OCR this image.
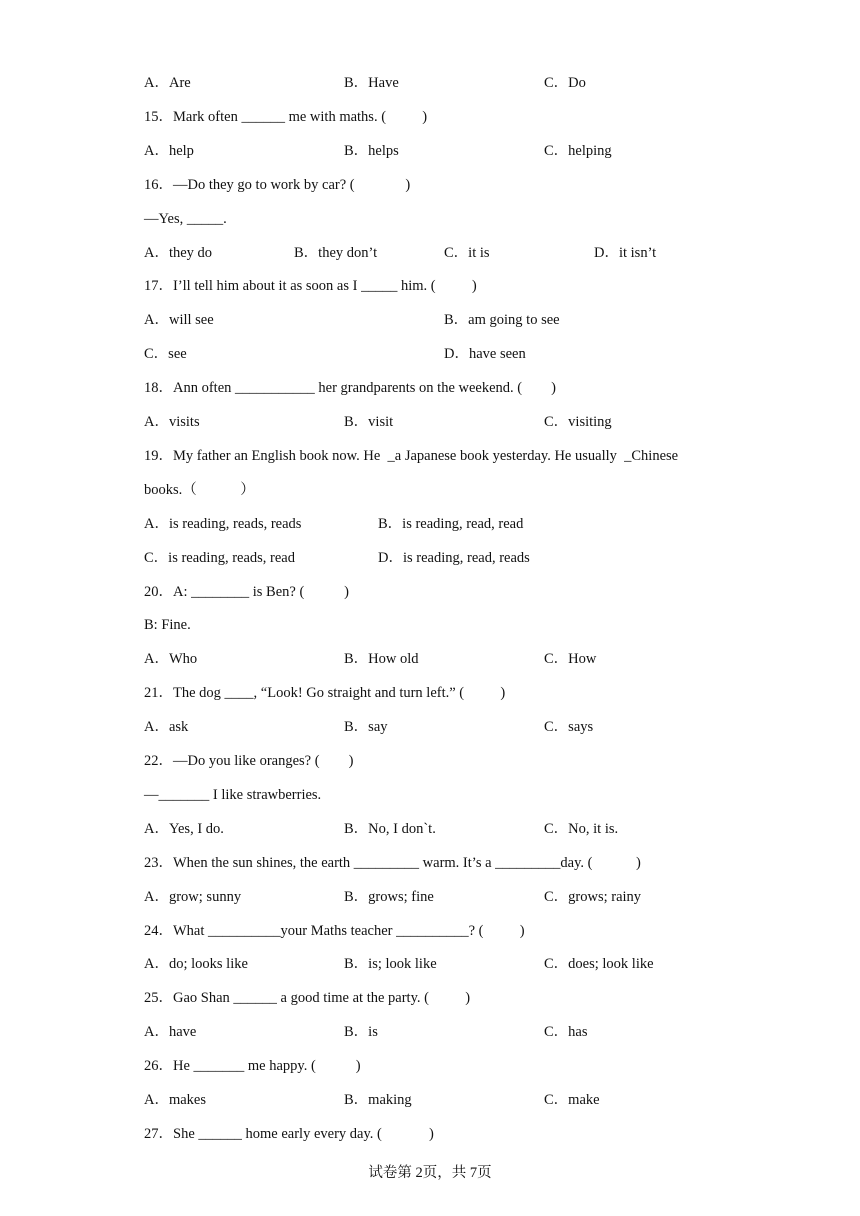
A．Are	B．Have	C．Do
15．Mark often ______ me with maths. (          )
A．help	B．helps	C．helping
16．—Do they go to work by car? (              )
—Yes, _____.
A．they do	B．they don’t	C．it is	D．it isn’t
17．I’ll tell him about it as soon as I _____ him. (          )
A．will see	B．am going to see
C．see	D．have seen
18．Ann often ___________ her grandparents on the weekend. (        )
A．visits	B．visit	C．visiting
19．My father an English book now. He  _a Japanese book yesterday. He usually  _Chinese
books.（            ）
A．is reading, reads, reads	B．is reading, read, read
C．is reading, reads, read	D．is reading, read, reads
20．A: ________ is Ben? (           )
B: Fine.
A．Who	B．How old	C．How
21．The dog ____, “Look! Go straight and turn left.” (          )
A．ask	B．say	C．says
22．—Do you like oranges? (        )
—_______ I like strawberries.
A．Yes, I do.	B．No, I don`t.	C．No, it is.
23．When the sun shines, the earth _________ warm. It’s a _________day. (            )
A．grow; sunny	B．grows; fine	C．grows; rainy
24．What __________your Maths teacher __________? (          )
A．do; looks like	B．is; look like	C．does; look like
25．Gao Shan ______ a good time at the party. (          )
A．have	B．is	C．has
26．He _______ me happy. (           )
A．makes	B．making	C．make
27．She ______ home early every day. (             )
试卷第 2页，共 7页
